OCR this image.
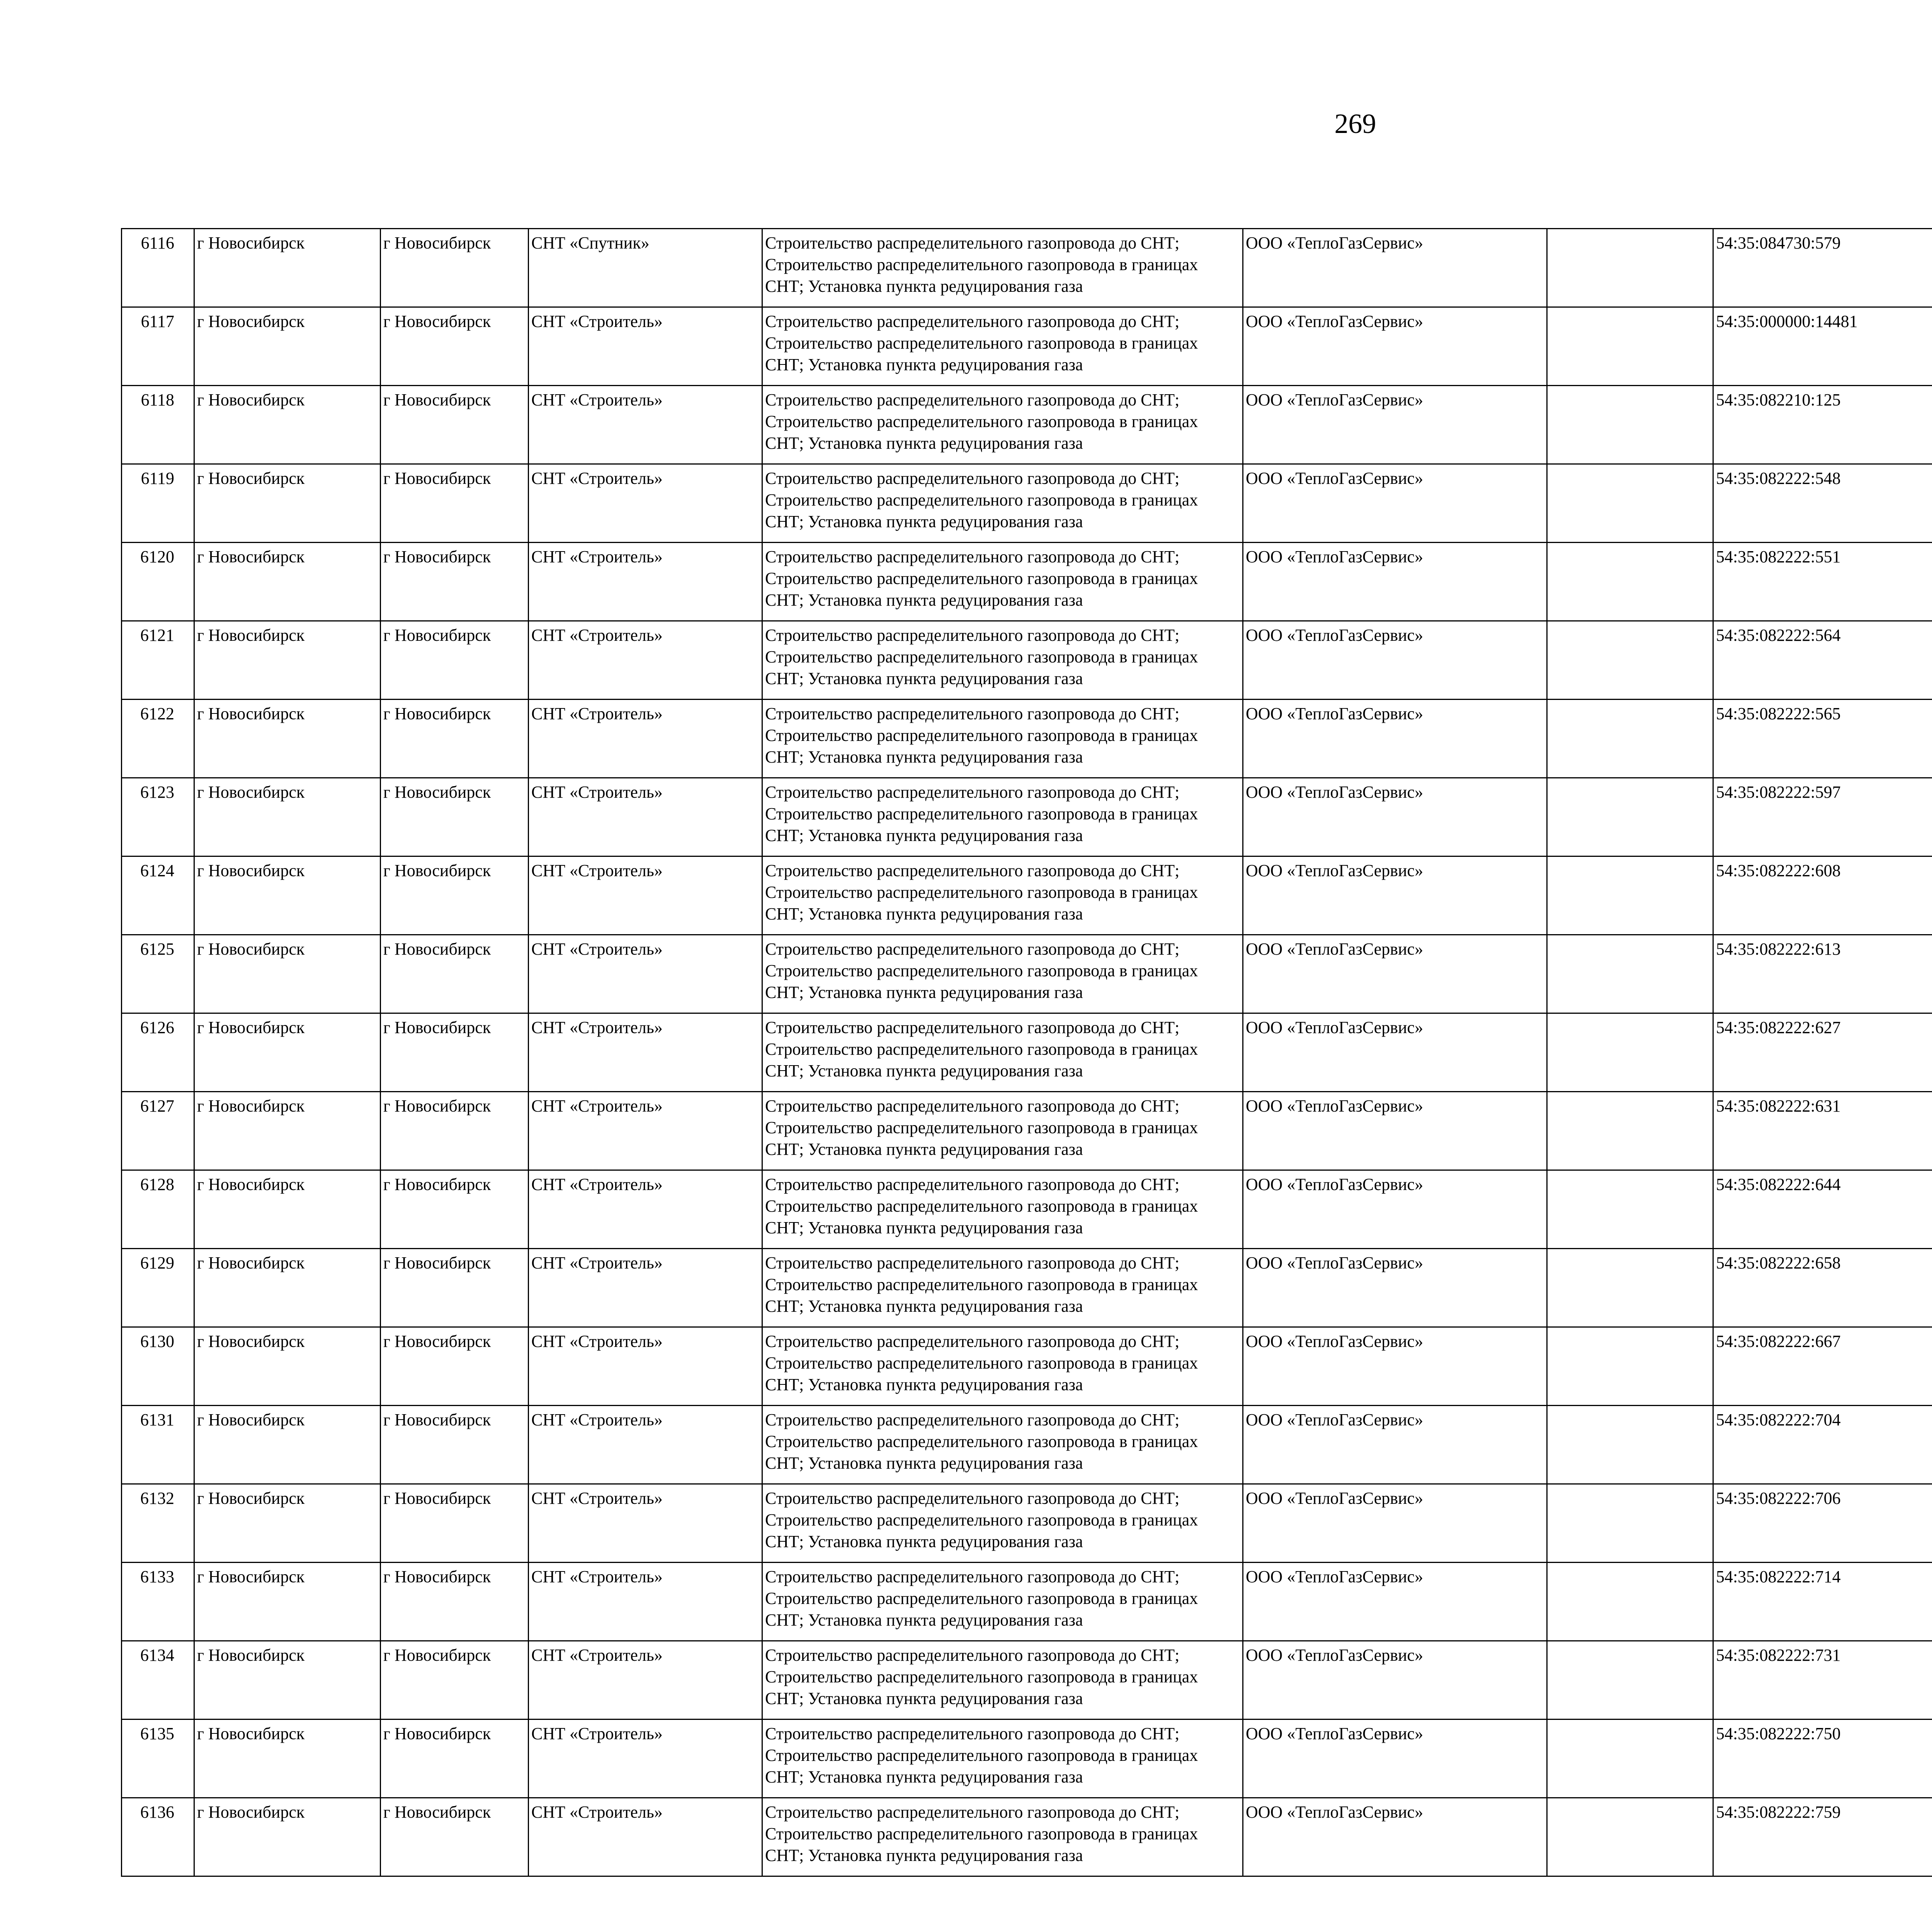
269
6116	г Новосибирск	г Новосибирск	СНТ «Спутник»	Строительство распределительного газопровода до СНТ; Строительство распределительного газопровода в границах СНТ; Установка пункта редуцирования газа	ООО «ТеплоГазСервис»		54:35:084730:579					
6117	г Новосибирск	г Новосибирск	СНТ «Строитель»	Строительство распределительного газопровода до СНТ; Строительство распределительного газопровода в границах СНТ; Установка пункта редуцирования газа	ООО «ТеплоГазСервис»		54:35:000000:14481					
6118	г Новосибирск	г Новосибирск	СНТ «Строитель»	Строительство распределительного газопровода до СНТ; Строительство распределительного газопровода в границах СНТ; Установка пункта редуцирования газа	ООО «ТеплоГазСервис»		54:35:082210:125					
6119	г Новосибирск	г Новосибирск	СНТ «Строитель»	Строительство распределительного газопровода до СНТ; Строительство распределительного газопровода в границах СНТ; Установка пункта редуцирования газа	ООО «ТеплоГазСервис»		54:35:082222:548					
6120	г Новосибирск	г Новосибирск	СНТ «Строитель»	Строительство распределительного газопровода до СНТ; Строительство распределительного газопровода в границах СНТ; Установка пункта редуцирования газа	ООО «ТеплоГазСервис»		54:35:082222:551					
6121	г Новосибирск	г Новосибирск	СНТ «Строитель»	Строительство распределительного газопровода до СНТ; Строительство распределительного газопровода в границах СНТ; Установка пункта редуцирования газа	ООО «ТеплоГазСервис»		54:35:082222:564					
6122	г Новосибирск	г Новосибирск	СНТ «Строитель»	Строительство распределительного газопровода до СНТ; Строительство распределительного газопровода в границах СНТ; Установка пункта редуцирования газа	ООО «ТеплоГазСервис»		54:35:082222:565					
6123	г Новосибирск	г Новосибирск	СНТ «Строитель»	Строительство распределительного газопровода до СНТ; Строительство распределительного газопровода в границах СНТ; Установка пункта редуцирования газа	ООО «ТеплоГазСервис»		54:35:082222:597					
6124	г Новосибирск	г Новосибирск	СНТ «Строитель»	Строительство распределительного газопровода до СНТ; Строительство распределительного газопровода в границах СНТ; Установка пункта редуцирования газа	ООО «ТеплоГазСервис»		54:35:082222:608					
6125	г Новосибирск	г Новосибирск	СНТ «Строитель»	Строительство распределительного газопровода до СНТ; Строительство распределительного газопровода в границах СНТ; Установка пункта редуцирования газа	ООО «ТеплоГазСервис»		54:35:082222:613					
6126	г Новосибирск	г Новосибирск	СНТ «Строитель»	Строительство распределительного газопровода до СНТ; Строительство распределительного газопровода в границах СНТ; Установка пункта редуцирования газа	ООО «ТеплоГазСервис»		54:35:082222:627					
6127	г Новосибирск	г Новосибирск	СНТ «Строитель»	Строительство распределительного газопровода до СНТ; Строительство распределительного газопровода в границах СНТ; Установка пункта редуцирования газа	ООО «ТеплоГазСервис»		54:35:082222:631					
6128	г Новосибирск	г Новосибирск	СНТ «Строитель»	Строительство распределительного газопровода до СНТ; Строительство распределительного газопровода в границах СНТ; Установка пункта редуцирования газа	ООО «ТеплоГазСервис»		54:35:082222:644					
6129	г Новосибирск	г Новосибирск	СНТ «Строитель»	Строительство распределительного газопровода до СНТ; Строительство распределительного газопровода в границах СНТ; Установка пункта редуцирования газа	ООО «ТеплоГазСервис»		54:35:082222:658					
6130	г Новосибирск	г Новосибирск	СНТ «Строитель»	Строительство распределительного газопровода до СНТ; Строительство распределительного газопровода в границах СНТ; Установка пункта редуцирования газа	ООО «ТеплоГазСервис»		54:35:082222:667					
6131	г Новосибирск	г Новосибирск	СНТ «Строитель»	Строительство распределительного газопровода до СНТ; Строительство распределительного газопровода в границах СНТ; Установка пункта редуцирования газа	ООО «ТеплоГазСервис»		54:35:082222:704					
6132	г Новосибирск	г Новосибирск	СНТ «Строитель»	Строительство распределительного газопровода до СНТ; Строительство распределительного газопровода в границах СНТ; Установка пункта редуцирования газа	ООО «ТеплоГазСервис»		54:35:082222:706					
6133	г Новосибирск	г Новосибирск	СНТ «Строитель»	Строительство распределительного газопровода до СНТ; Строительство распределительного газопровода в границах СНТ; Установка пункта редуцирования газа	ООО «ТеплоГазСервис»		54:35:082222:714					
6134	г Новосибирск	г Новосибирск	СНТ «Строитель»	Строительство распределительного газопровода до СНТ; Строительство распределительного газопровода в границах СНТ; Установка пункта редуцирования газа	ООО «ТеплоГазСервис»		54:35:082222:731					
6135	г Новосибирск	г Новосибирск	СНТ «Строитель»	Строительство распределительного газопровода до СНТ; Строительство распределительного газопровода в границах СНТ; Установка пункта редуцирования газа	ООО «ТеплоГазСервис»		54:35:082222:750					
6136	г Новосибирск	г Новосибирск	СНТ «Строитель»	Строительство распределительного газопровода до СНТ; Строительство распределительного газопровода в границах СНТ; Установка пункта редуцирования газа	ООО «ТеплоГазСервис»		54:35:082222:759					
